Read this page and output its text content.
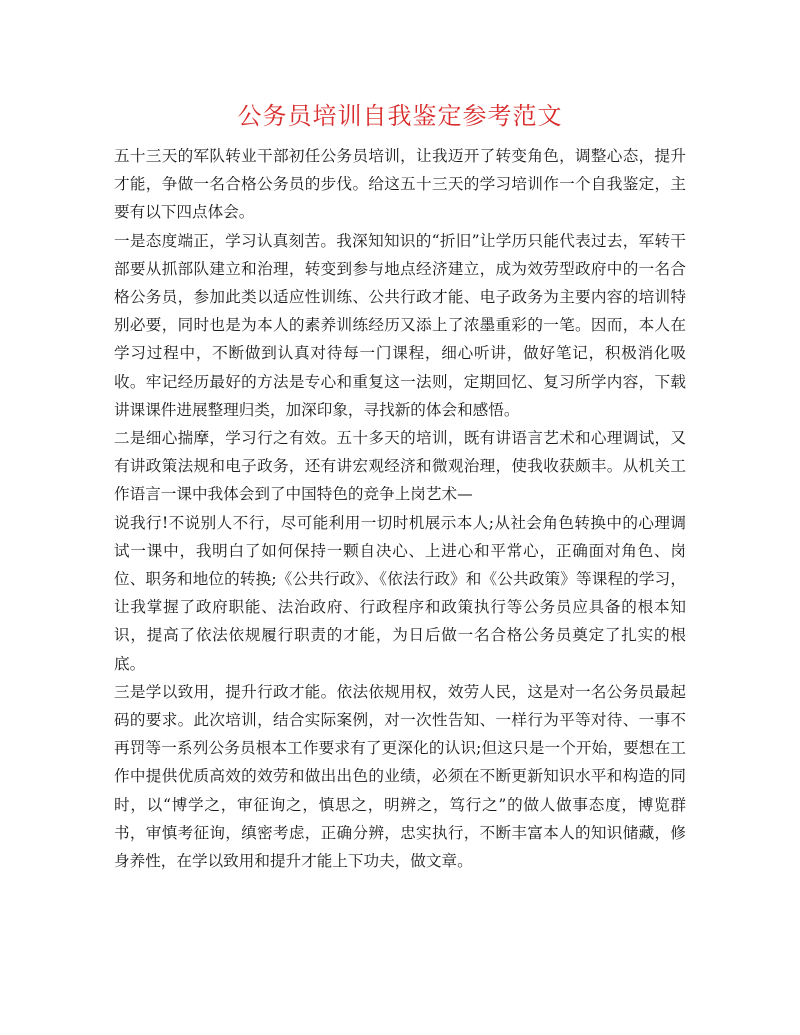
公务员培训自我鉴定参考范文

五十三天的军队转业干部初任公务员培训，让我迈开了转变角色，调整心态，提升才能，争做一名合格公务员的步伐。给这五十三天的学习培训作一个自我鉴定，主要有以下四点体会。

一是态度端正，学习认真刻苦。我深知知识的“折旧”让学历只能代表过去，军转干部要从抓部队建立和治理，转变到参与地点经济建立，成为效劳型政府中的一名合格公务员，参加此类以适应性训练、公共行政才能、电子政务为主要内容的培训特别必要，同时也是为本人的素养训练经历又添上了浓墨重彩的一笔。因而，本人在学习过程中，不断做到认真对待每一门课程，细心听讲，做好笔记，积极消化吸收。牢记经历最好的方法是专心和重复这一法则，定期回忆、复习所学内容，下载讲课课件进展整理归类，加深印象，寻找新的体会和感悟。

二是细心揣摩，学习行之有效。五十多天的培训，既有讲语言艺术和心理调试，又有讲政策法规和电子政务，还有讲宏观经济和微观治理，使我收获颇丰。从机关工作语言一课中我体会到了中国特色的竞争上岗艺术—

说我行!不说别人不行，尽可能利用一切时机展示本人;从社会角色转换中的心理调试一课中，我明白了如何保持一颗自决心、上进心和平常心，正确面对角色、岗位、职务和地位的转换;《公共行政》、《依法行政》和《公共政策》等课程的学习，让我掌握了政府职能、法治政府、行政程序和政策执行等公务员应具备的根本知识，提高了依法依规履行职责的才能，为日后做一名合格公务员奠定了扎实的根底。

三是学以致用，提升行政才能。依法依规用权，效劳人民，这是对一名公务员最起码的要求。此次培训，结合实际案例，对一次性告知、一样行为平等对待、一事不再罚等一系列公务员根本工作要求有了更深化的认识;但这只是一个开始，要想在工作中提供优质高效的效劳和做出出色的业绩，必须在不断更新知识水平和构造的同时，以“博学之，审征询之，慎思之，明辨之，笃行之”的做人做事态度，博览群书，审慎考征询，缜密考虑，正确分辨，忠实执行，不断丰富本人的知识储藏，修身养性，在学以致用和提升才能上下功夫，做文章。
